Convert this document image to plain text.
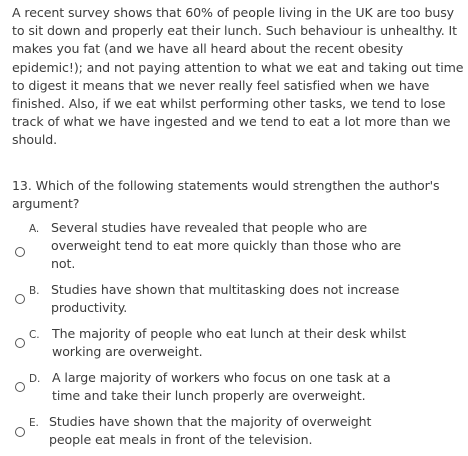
A recent survey shows that 60% of people living in the UK are too busy to sit down and properly eat their lunch. Such behaviour is unhealthy. It makes you fat (and we have all heard about the recent obesity epidemic!); and not paying attention to what we eat and taking out time to digest it means that we never really feel satisfied when we have finished. Also, if we eat whilst performing other tasks, we tend to lose track of what we have ingested and we tend to eat a lot more than we should.

13. Which of the following statements would strengthen the author's argument?

A. Several studies have revealed that people who are overweight tend to eat more quickly than those who are not.
B. Studies have shown that multitasking does not increase productivity.
C. The majority of people who eat lunch at their desk whilst working are overweight.
D. A large majority of workers who focus on one task at a time and take their lunch properly are overweight.
E. Studies have shown that the majority of overweight people eat meals in front of the television.
